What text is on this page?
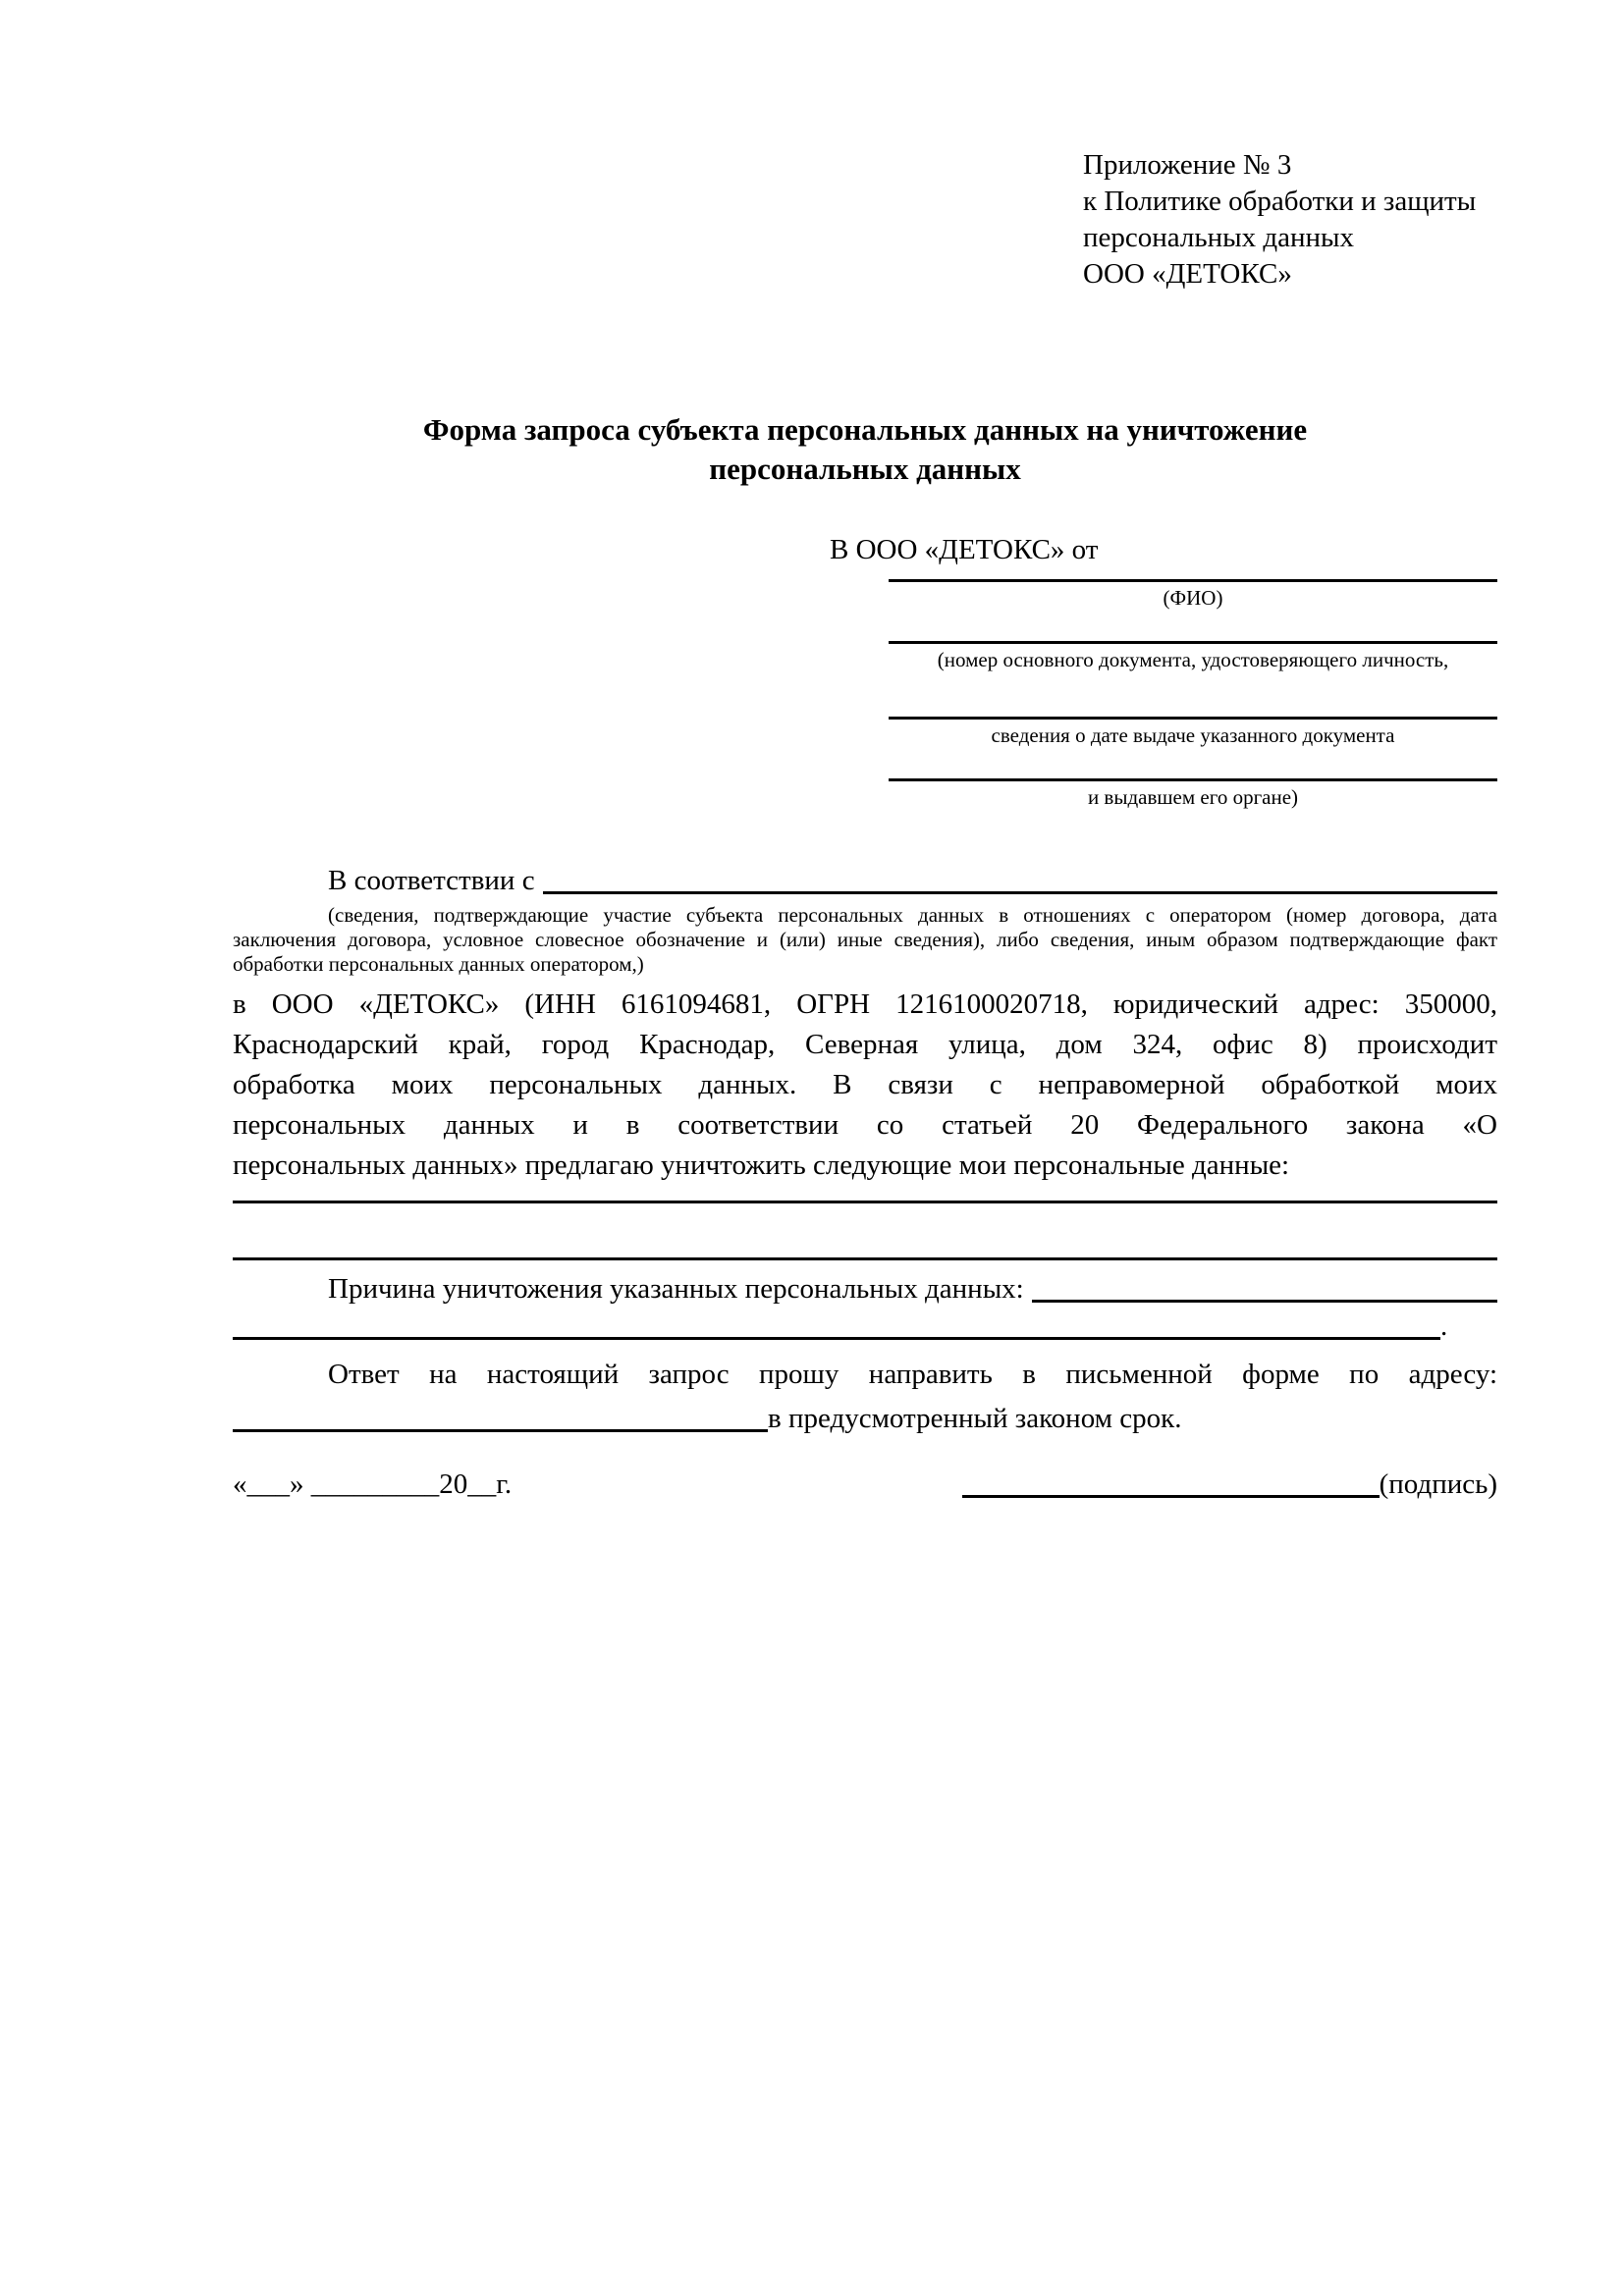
Приложение № 3
к Политике обработки и защиты
персональных данных
ООО «ДЕТОКС»
Форма запроса субъекта персональных данных на уничтожение
персональных данных
В ООО «ДЕТОКС» от
(ФИО)
(номер основного документа, удостоверяющего личность,
сведения о дате выдаче указанного документа
и выдавшем его органе)
В соответствии с
(сведения, подтверждающие участие субъекта персональных данных в отношениях с оператором (номер договора, дата
заключения договора, условное словесное обозначение и (или) иные сведения), либо сведения, иным образом подтверждающие факт
обработки персональных данных оператором,)
в ООО «ДЕТОКС» (ИНН 6161094681, ОГРН 1216100020718, юридический адрес: 350000,
Краснодарский край, город Краснодар, Северная улица, дом 324, офис 8) происходит
обработка моих персональных данных. В связи с неправомерной обработкой моих
персональных данных и в соответствии со статьей 20 Федерального закона «О
персональных данных» предлагаю уничтожить следующие мои персональные данные:
Причина уничтожения указанных персональных данных:
.
Ответ на настоящий запрос прошу направить в письменной форме по адресу:
в предусмотренный законом срок.
«___» _________20__г.	(подпись)
